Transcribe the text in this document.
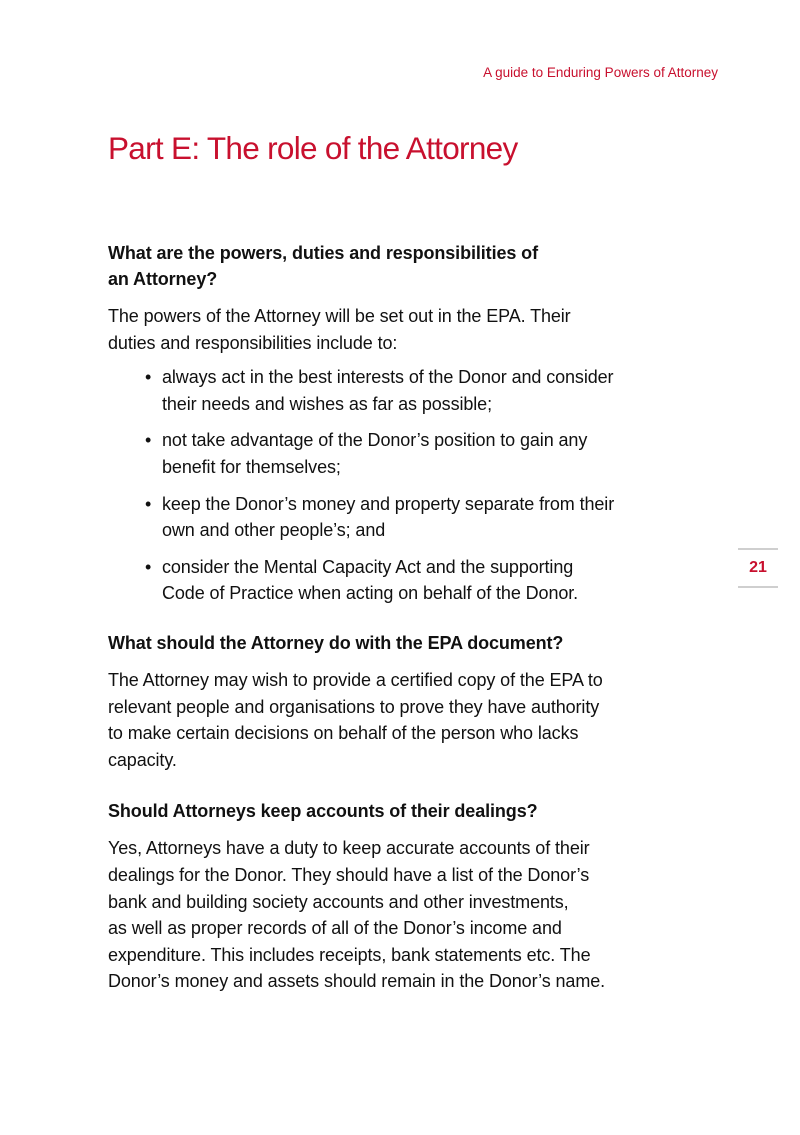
A guide to Enduring Powers of Attorney
Part E: The role of the Attorney
What are the powers, duties and responsibilities of
an Attorney?

The powers of the Attorney will be set out in the EPA. Their
duties and responsibilities include to:

• always act in the best interests of the Donor and consider
their needs and wishes as far as possible;
• not take advantage of the Donor’s position to gain any
benefit for themselves;
• keep the Donor’s money and property separate from their
own and other people’s; and
• consider the Mental Capacity Act and the supporting
Code of Practice when acting on behalf of the Donor.
What should the Attorney do with the EPA document?

The Attorney may wish to provide a certified copy of the EPA to
relevant people and organisations to prove they have authority
to make certain decisions on behalf of the person who lacks
capacity.

Should Attorneys keep accounts of their dealings?

Yes, Attorneys have a duty to keep accurate accounts of their
dealings for the Donor. They should have a list of the Donor’s
bank and building society accounts and other investments,
as well as proper records of all of the Donor’s income and
expenditure. This includes receipts, bank statements etc. The
Donor’s money and assets should remain in the Donor’s name.

21
